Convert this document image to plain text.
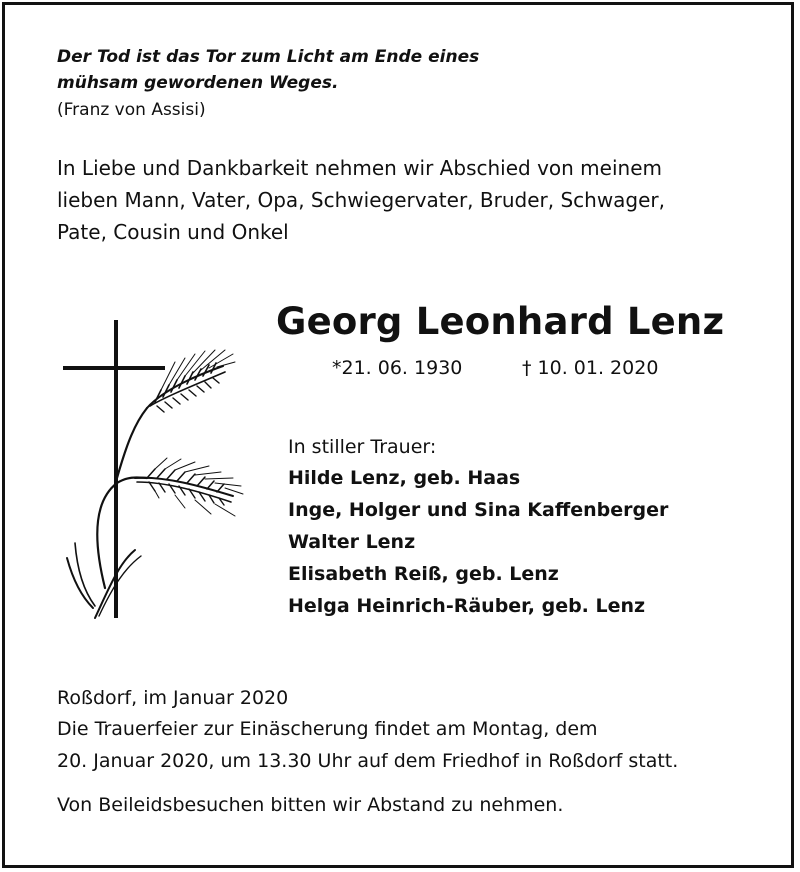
Der Tod ist das Tor zum Licht am Ende eines
mühsam gewordenen Weges.
(Franz von Assisi)
In Liebe und Dankbarkeit nehmen wir Abschied von meinem
lieben Mann, Vater, Opa, Schwiegervater, Bruder, Schwager,
Pate, Cousin und Onkel
Georg Leonhard Lenz
*21. 06. 1930	† 10. 01. 2020
In stiller Trauer:
Hilde Lenz, geb. Haas
Inge, Holger und Sina Kaffenberger
Walter Lenz
Elisabeth Reiß, geb. Lenz
Helga Heinrich-Räuber, geb. Lenz
Roßdorf, im Januar 2020
Die Trauerfeier zur Einäscherung findet am Montag, dem
20. Januar 2020, um 13.30 Uhr auf dem Friedhof in Roßdorf statt.
Von Beileidsbesuchen bitten wir Abstand zu nehmen.
